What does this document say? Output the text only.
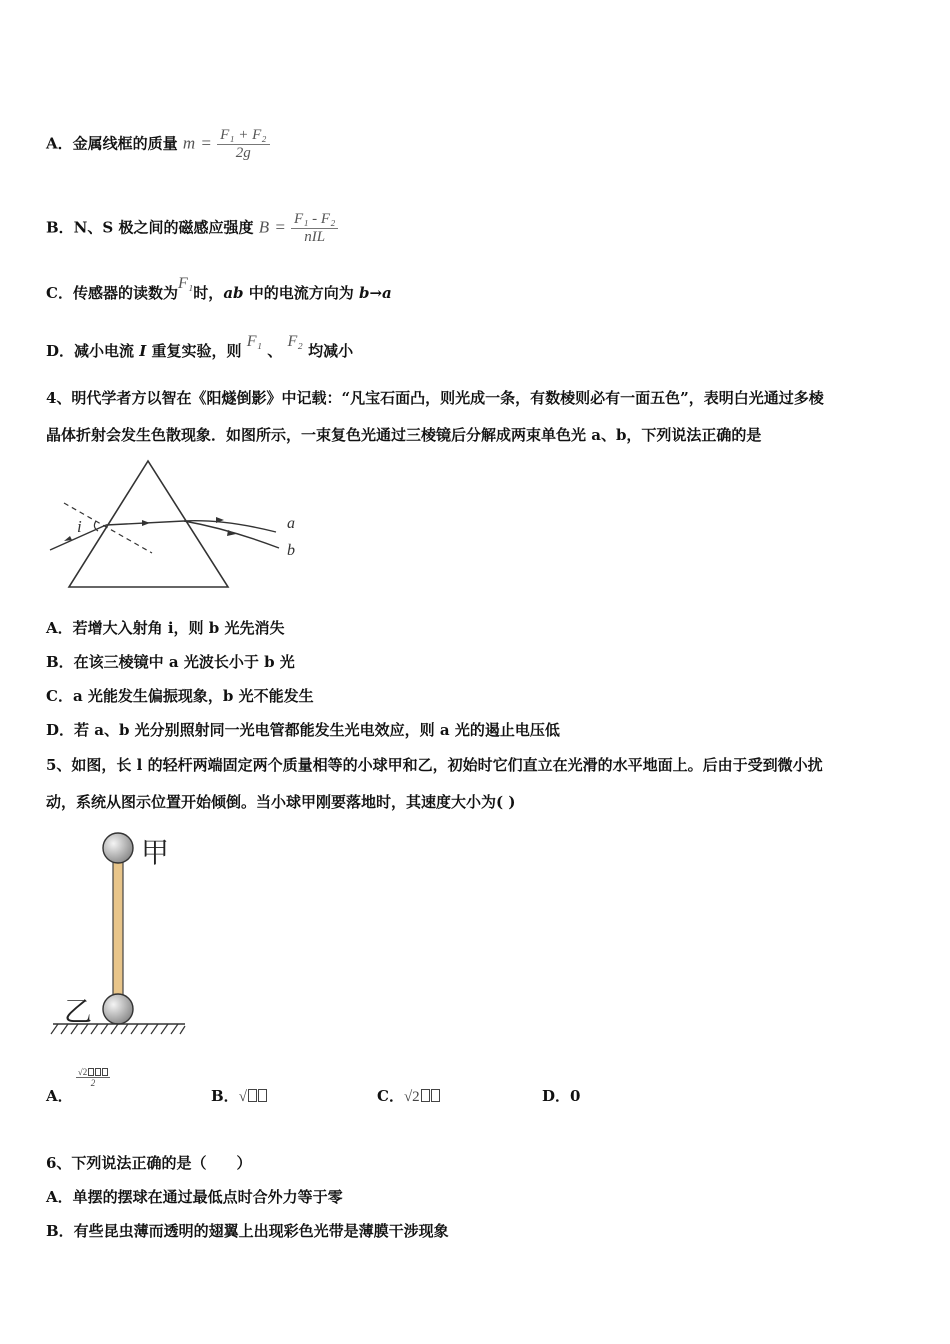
A．金属线框的质量 $m = \frac{\text{F₁ + F₂}}{2g}$
B．N、S 极之间的磁感应强度 $B = \frac{\text{F₁ - F₂}}{\text{nIL}}$
C．传感器的读数为F₁时，ab 中的电流方向为 b→a
D．减小电流 I 重复实验，则 F₁ 、 F₂ 均减小
4、明代学者方以智在《阳燧倒影》中记载：“凡宝石面凸，则光成一条，有数棱则必有一面五色”，表明白光通过多棱
晶体折射会发生色散现象．如图所示，一束复色光通过三棱镜后分解成两束单色光 a、b，下列说法正确的是
i	a
b
A．若增大入射角 i，则 b 光先消失
B．在该三棱镜中 a 光波长小于 b 光
C．a 光能发生偏振现象，b 光不能发生
D．若 a、b 光分别照射同一光电管都能发生光电效应，则 a 光的遏止电压低
5、如图，长 l 的轻杆两端固定两个质量相等的小球甲和乙，初始时它们直立在光滑的水平地面上。后由于受到微小扰
动，系统从图示位置开始倾倒。当小球甲刚要落地时，其速度大小为( )
甲
乙
A．
√2
2
B．√	C．√2	D．0
6、下列说法正确的是（　　）
A．单摆的摆球在通过最低点时合外力等于零
B．有些昆虫薄而透明的翅翼上出现彩色光带是薄膜干涉现象
